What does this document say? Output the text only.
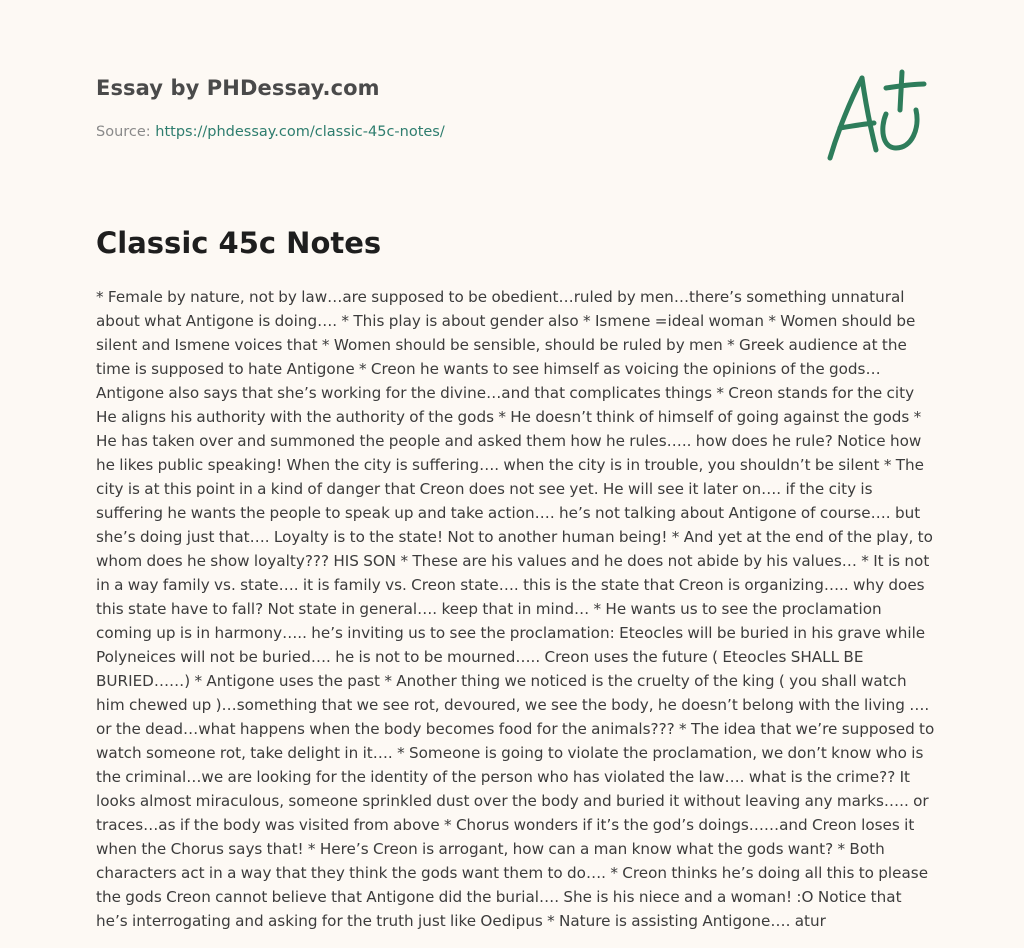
Essay by PHDessay.com
Source: https://phdessay.com/classic-45c-notes/
Classic 45c Notes

* Female by nature, not by law…are supposed to be obedient…ruled by men…there’s something unnatural about what Antigone is doing…. * This play is about gender also * Ismene =ideal woman * Women should be silent and Ismene voices that * Women should be sensible, should be ruled by men * Greek audience at the time is supposed to hate Antigone * Creon he wants to see himself as voicing the opinions of the gods… Antigone also says that she’s working for the divine…and that complicates things * Creon stands for the city He aligns his authority with the authority of the gods * He doesn’t think of himself of going against the gods * He has taken over and summoned the people and asked them how he rules….. how does he rule? Notice how he likes public speaking! When the city is suffering…. when the city is in trouble, you shouldn’t be silent * The city is at this point in a kind of danger that Creon does not see yet. He will see it later on…. if the city is suffering he wants the people to speak up and take action…. he’s not talking about Antigone of course…. but she’s doing just that…. Loyalty is to the state! Not to another human being! * And yet at the end of the play, to whom does he show loyalty??? HIS SON * These are his values and he does not abide by his values… * It is not in a way family vs. state…. it is family vs. Creon state…. this is the state that Creon is organizing….. why does this state have to fall? Not state in general…. keep that in mind… * He wants us to see the proclamation coming up is in harmony….. he’s inviting us to see the proclamation: Eteocles will be buried in his grave while Polyneices will not be buried…. he is not to be mourned….. Creon uses the future ( Eteocles SHALL BE BURIED……) * Antigone uses the past * Another thing we noticed is the cruelty of the king ( you shall watch him chewed up )…something that we see rot, devoured, we see the body, he doesn’t belong with the living …. or the dead…what happens when the body becomes food for the animals??? * The idea that we’re supposed to watch someone rot, take delight in it…. * Someone is going to violate the proclamation, we don’t know who is the criminal…we are looking for the identity of the person who has violated the law…. what is the crime?? It looks almost miraculous, someone sprinkled dust over the body and buried it without leaving any marks….. or traces…as if the body was visited from above * Chorus wonders if it’s the god’s doings……and Creon loses it when the Chorus says that! * Here’s Creon is arrogant, how can a man know what the gods want? * Both characters act in a way that they think the gods want them to do…. * Creon thinks he’s doing all this to please the gods Creon cannot believe that Antigone did the burial…. She is his niece and a woman! :O Notice that he’s interrogating and asking for the truth just like Oedipus * Nature is assisting Antigone…. atur
